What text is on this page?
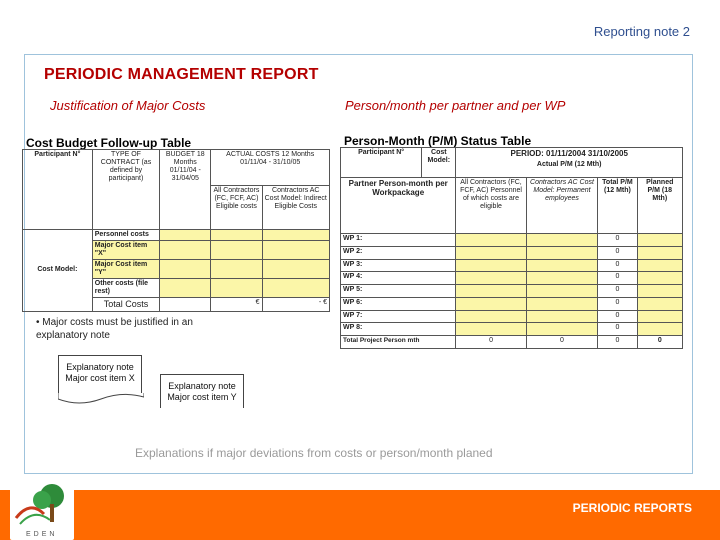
Reporting note 2
PERIODIC MANAGEMENT REPORT
Justification of Major Costs	Person/month per partner and per WP
Cost Budget Follow-up Table
Participant N°	TYPE OF CONTRACT (as defined by participant)	BUDGET 18 Months 01/11/04 - 31/04/05	ACTUAL COSTS 12 Months 01/11/04 - 31/10/05	
			All Contractors (FC, FCF, AC) Eligible costs	Contractors AC Cost Model: Indirect Eligible Costs
Cost Model:	Personnel costs			
	Major Cost item "X"			
	Major Cost item "Y"			
	Other costs (file rest)			
	Total Costs		€	- €
Person-Month (P/M) Status Table
Participant N°	Cost Model:	PERIOD: 01/11/2004 31/10/2005
Actual P/M (12 Mth)			

Partner Person-month per Workpackage		All Contractors (FC, FCF, AC) Personnel of which costs are eligible	Contractors AC Cost Model: Permanent employees	Total P/M (12 Mth)	Planned P/M (18 Mth)
WP 1:				0	
WP 2:				0	
WP 3:				0	
WP 4:				0	
WP 5:				0	
WP 6:				0	
WP 7:				0	
WP 8:				0	
Total Project Person mth		0	0	0	0
• Major costs must be justified in an explanatory note
Explanatory note
Major cost item X
Explanatory note
Major cost item Y
Explanations if major deviations from costs or person/month planed
EDEN
PERIODIC REPORTS
